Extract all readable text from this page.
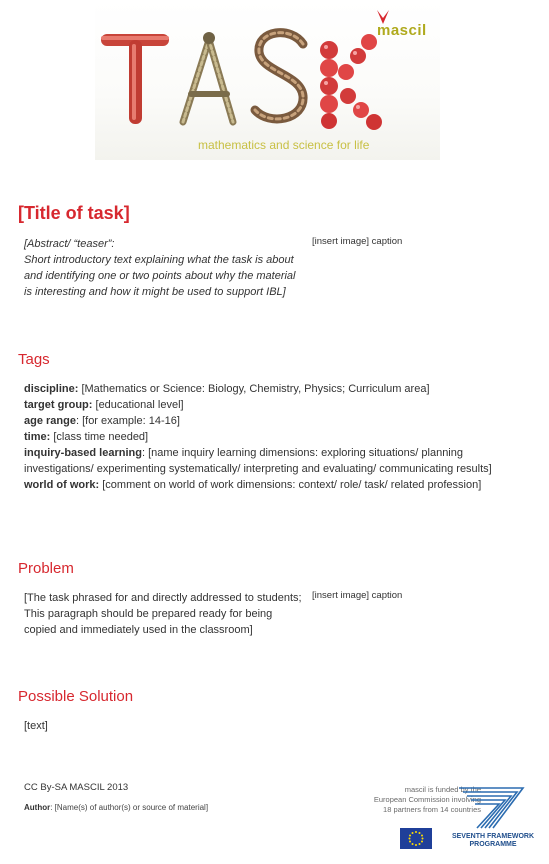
mascil
mathematics and science for life
[Title of task]
[Abstract/ “teaser”:
Short introductory text explaining what the task is about and identifying one or two points about why the material is interesting and how it might be used to support IBL]
[insert image] caption
Tags
discipline: [Mathematics or Science: Biology, Chemistry, Physics; Curriculum area]
target group: [educational level]
age range: [for example: 14-16]
time: [class time needed]
inquiry-based learning: [name inquiry learning dimensions: exploring situations/ planning investigations/ experimenting systematically/ interpreting and evaluating/ communicating results]
world of work: [comment on world of work dimensions: context/ role/ task/ related profession]
Problem
[The task phrased for and directly addressed to students; This paragraph should be prepared ready for being copied and immediately used in the classroom]
[insert image] caption
Possible Solution
[text]
CC By-SA MASCIL 2013
Author: [Name(s) of author(s) or source of material]
mascil is funded by the
European Commission involving
18 partners from 14 countries
SEVENTH FRAMEWORK
PROGRAMME
